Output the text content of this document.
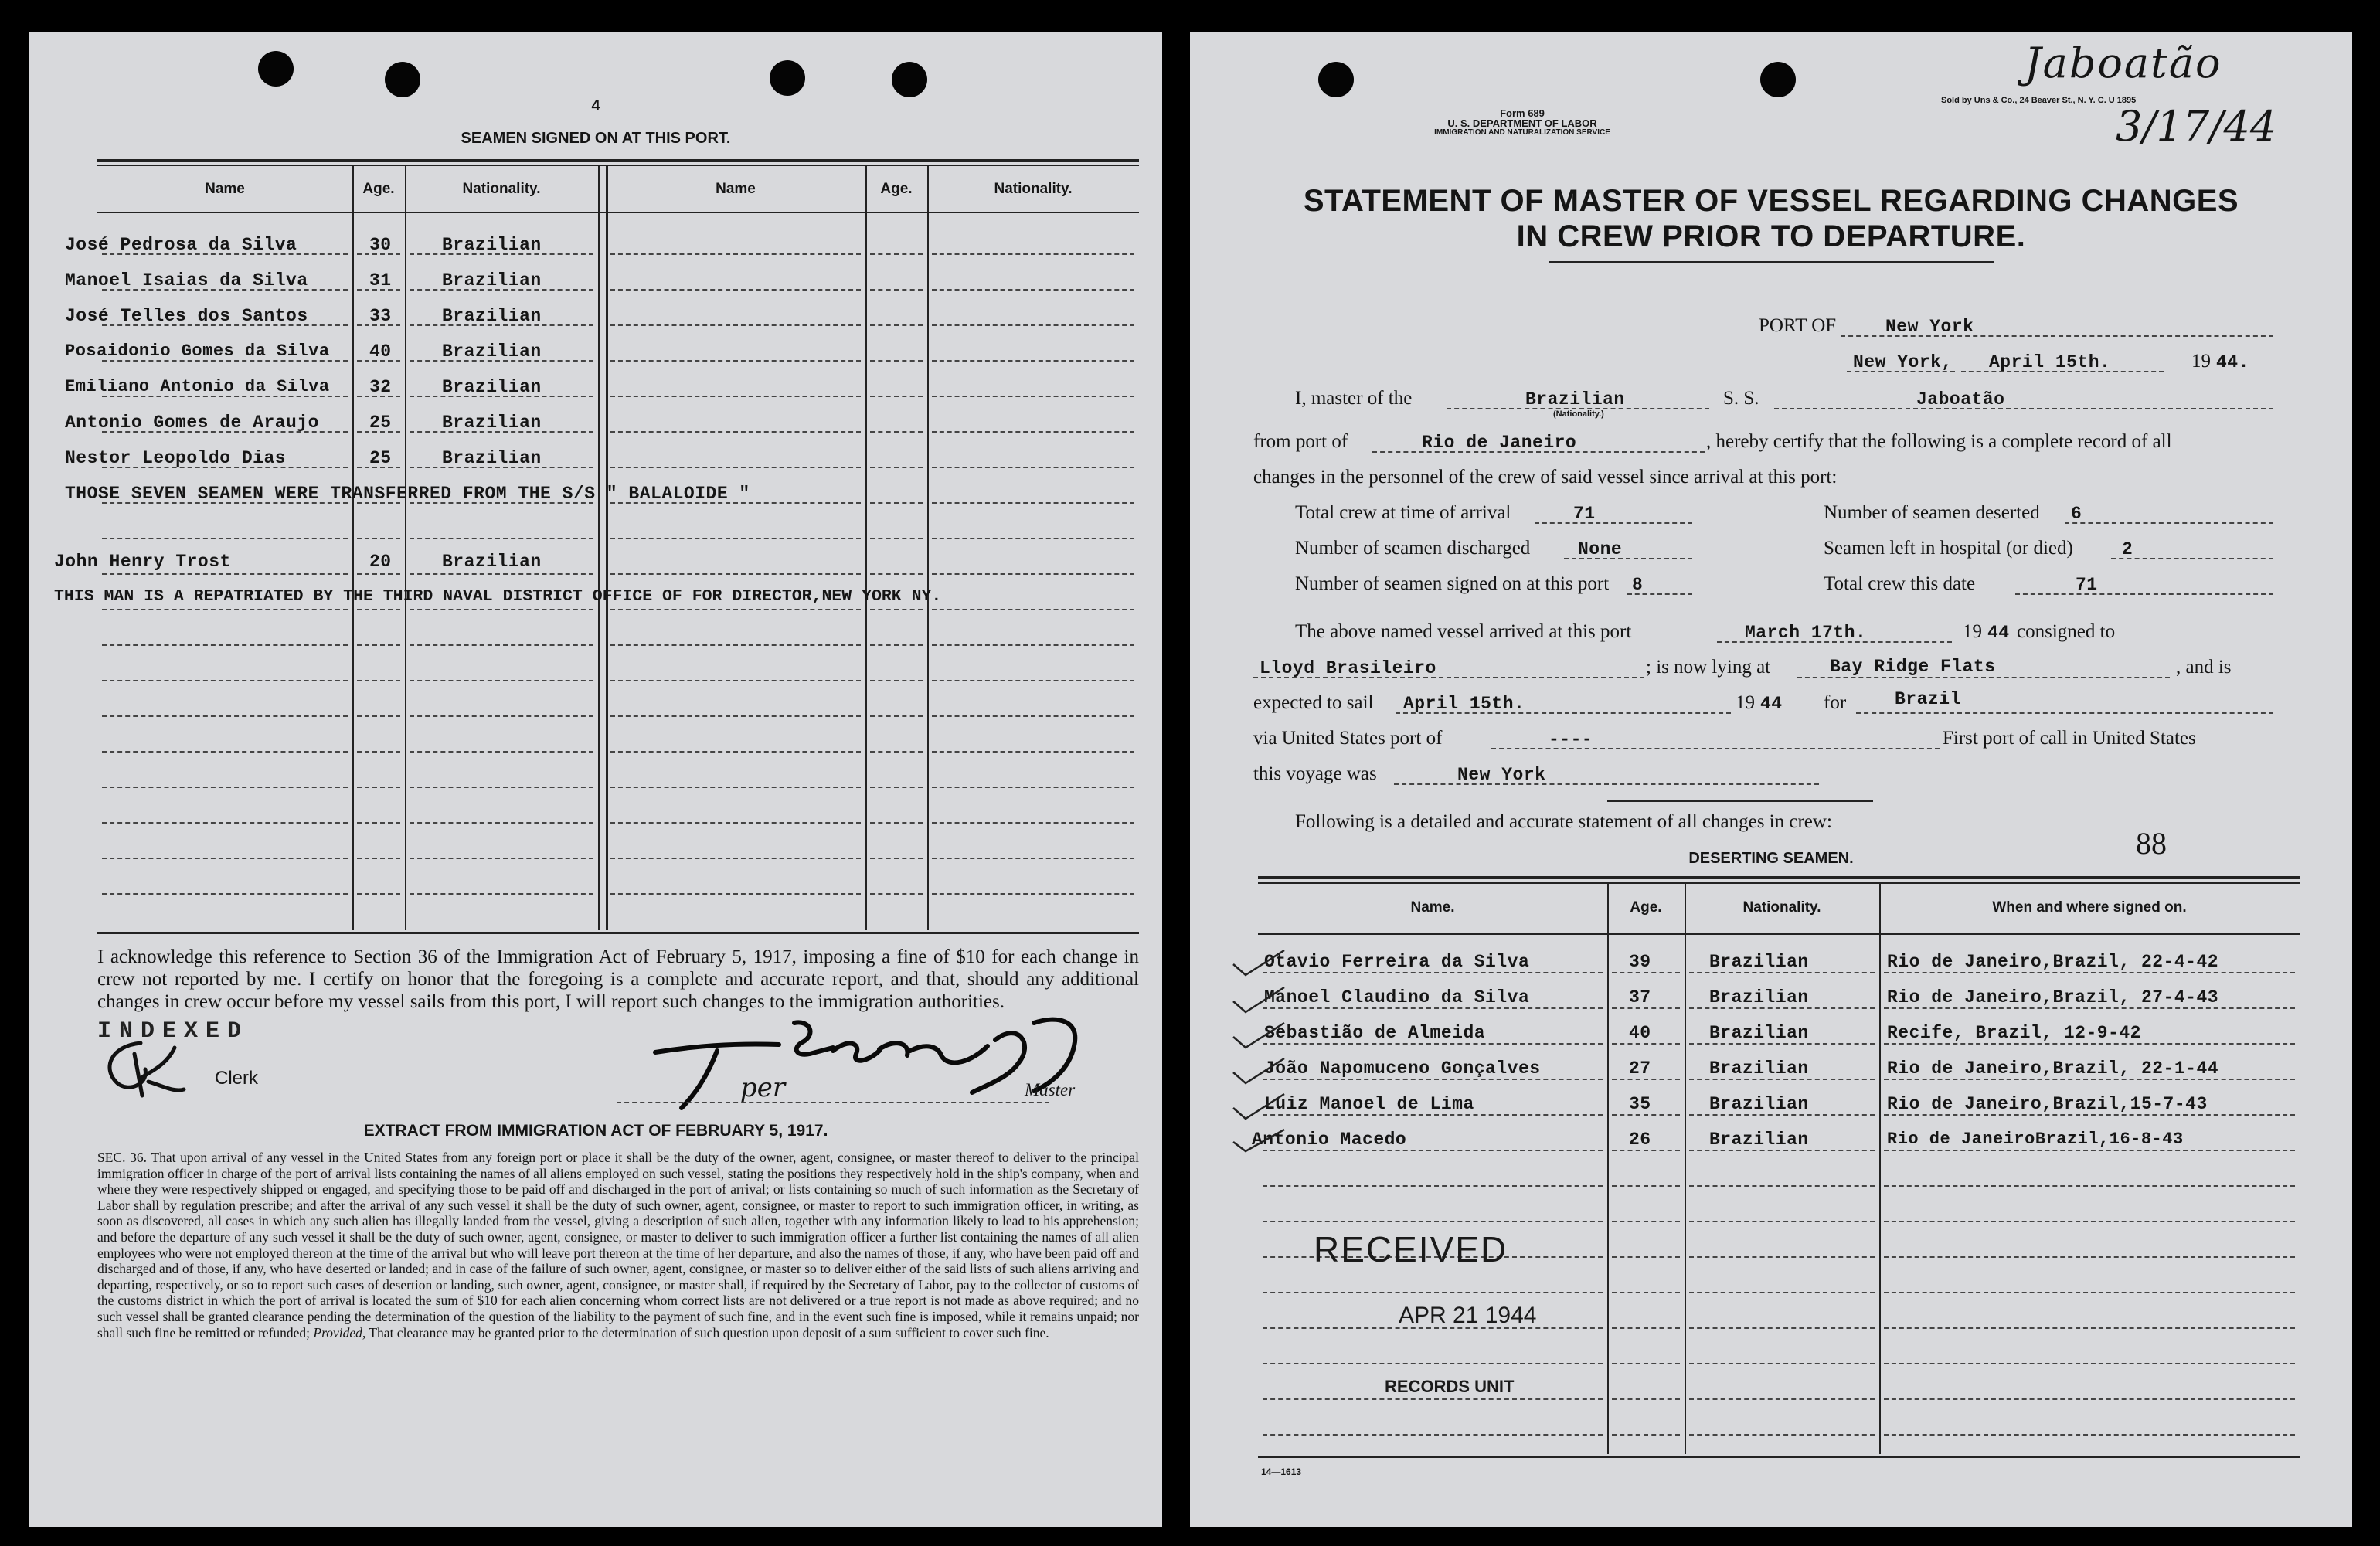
4
SEAMEN SIGNED ON AT THIS PORT.
Name	Age.	Nationality.	Name	Age.	Nationality.
José Pedrosa da Silva	30	Brazilian
Manoel Isaias da Silva	31	Brazilian
José Telles dos Santos	33	Brazilian
Posaidonio Gomes da Silva 40	Brazilian
Emiliano Antonio da Silva 32	Brazilian
Antonio Gomes de Araujo	25	Brazilian
Nestor Leopoldo Dias	25	Brazilian
THOSE SEVEN SEAMEN WERE TRANSFERRED FROM THE S/S " BALALOIDE "
John Henry Trost	20	Brazilian
THIS MAN IS A REPATRIATED BY THE THIRD NAVAL DISTRICT OFFICE OF FOR DIRECTOR,NEW YORK NY.
I acknowledge this reference to Section 36 of the Immigration Act of February 5, 1917, imposing a fine of $10 for each change in crew not reported by me. I certify on honor that the foregoing is a complete and accurate report, and that, should any additional changes in crew occur before my vessel sails from this port, I will report such changes to the immigration authorities.
INDEXED
Clerk	per	Master
EXTRACT FROM IMMIGRATION ACT OF FEBRUARY 5, 1917.
SEC. 36. That upon arrival of any vessel in the United States from any foreign port or place it shall be the duty of the owner, agent, consignee, or master thereof to deliver to the principal immigration officer in charge of the port of arrival lists containing the names of all aliens employed on such vessel, stating the positions they respectively hold in the ship's company, when and where they were respectively shipped or engaged, and specifying those to be paid off and discharged in the port of arrival; or lists containing so much of such information as the Secretary of Labor shall by regulation prescribe; and after the arrival of any such vessel it shall be the duty of such owner, agent, consignee, or master to report to such immigration officer, in writing, as soon as discovered, all cases in which any such alien has illegally landed from the vessel, giving a description of such alien, together with any information likely to lead to his apprehension; and before the departure of any such vessel it shall be the duty of such owner, agent, consignee, or master to deliver to such immigration officer a further list containing the names of all alien employees who were not employed thereon at the time of the arrival but who will leave port thereon at the time of her departure, and also the names of those, if any, who have been paid off and discharged and of those, if any, who have deserted or landed; and in case of the failure of such owner, agent, consignee, or master so to deliver either of the said lists of such aliens arriving and departing, respectively, or so to report such cases of desertion or landing, such owner, agent, consignee, or master shall, if required by the Secretary of Labor, pay to the collector of customs of the customs district in which the port of arrival is located the sum of $10 for each alien concerning whom correct lists are not delivered or a true report is not made as above required; and no such vessel shall be granted clearance pending the determination of the question of the liability to the payment of such fine, and in the event such fine is imposed, while it remains unpaid; nor shall such fine be remitted or refunded; Provided, That clearance may be granted prior to the determination of such question upon deposit of a sum sufficient to cover such fine.
Form 689
U. S. DEPARTMENT OF LABOR
IMMIGRATION AND NATURALIZATION SERVICE
Sold by Uns & Co., 24 Beaver St., N. Y. C. U 1895
Jaboatão
3/17/44
STATEMENT OF MASTER OF VESSEL REGARDING CHANGES
IN CREW PRIOR TO DEPARTURE.
PORT OF	New York
New York, April 15th.	19 44.
I, master of the	Brazilian
(Nationality.)
S. S.	Jaboatão
from port of	Rio de Janeiro	, hereby certify that the following is a complete record of all
changes in the personnel of the crew of said vessel since arrival at this port:
Total crew at time of arrival	71	Number of seamen deserted 6
Number of seamen discharged	None	Seamen left in hospital (or died)	2
Number of seamen signed on at this port 8	Total crew this date	71
The above named vessel arrived at this port	March 17th.	19 44 consigned to
Lloyd Brasileiro	; is now lying at	Bay Ridge Flats	, and is
expected to sail April 15th.	19 44 for	Brazil
via United States port of	----	First port of call in United States
this voyage was	New York
Following is a detailed and accurate statement of all changes in crew:
88
DESERTING SEAMEN.
Name.	Age.	Nationality.	When and where signed on.
Otavio Ferreira da Silva	39	Brazilian	Rio de Janeiro,Brazil, 22-4-42
Manoel Claudino da Silva	37	Brazilian	Rio de Janeiro,Brazil, 27-4-43
Sebastião de Almeida	40	Brazilian	Recife, Brazil, 12-9-42
João Napomuceno Gonçalves	27	Brazilian	Rio de Janeiro,Brazil, 22-1-44
Luiz Manoel de Lima	35	Brazilian	Rio de Janeiro,Brazil,15-7-43
Antonio Macedo	26	Brazilian	Rio de JaneiroBrazil,16-8-43
RECEIVED
APR 21 1944
RECORDS UNIT
14—1613
